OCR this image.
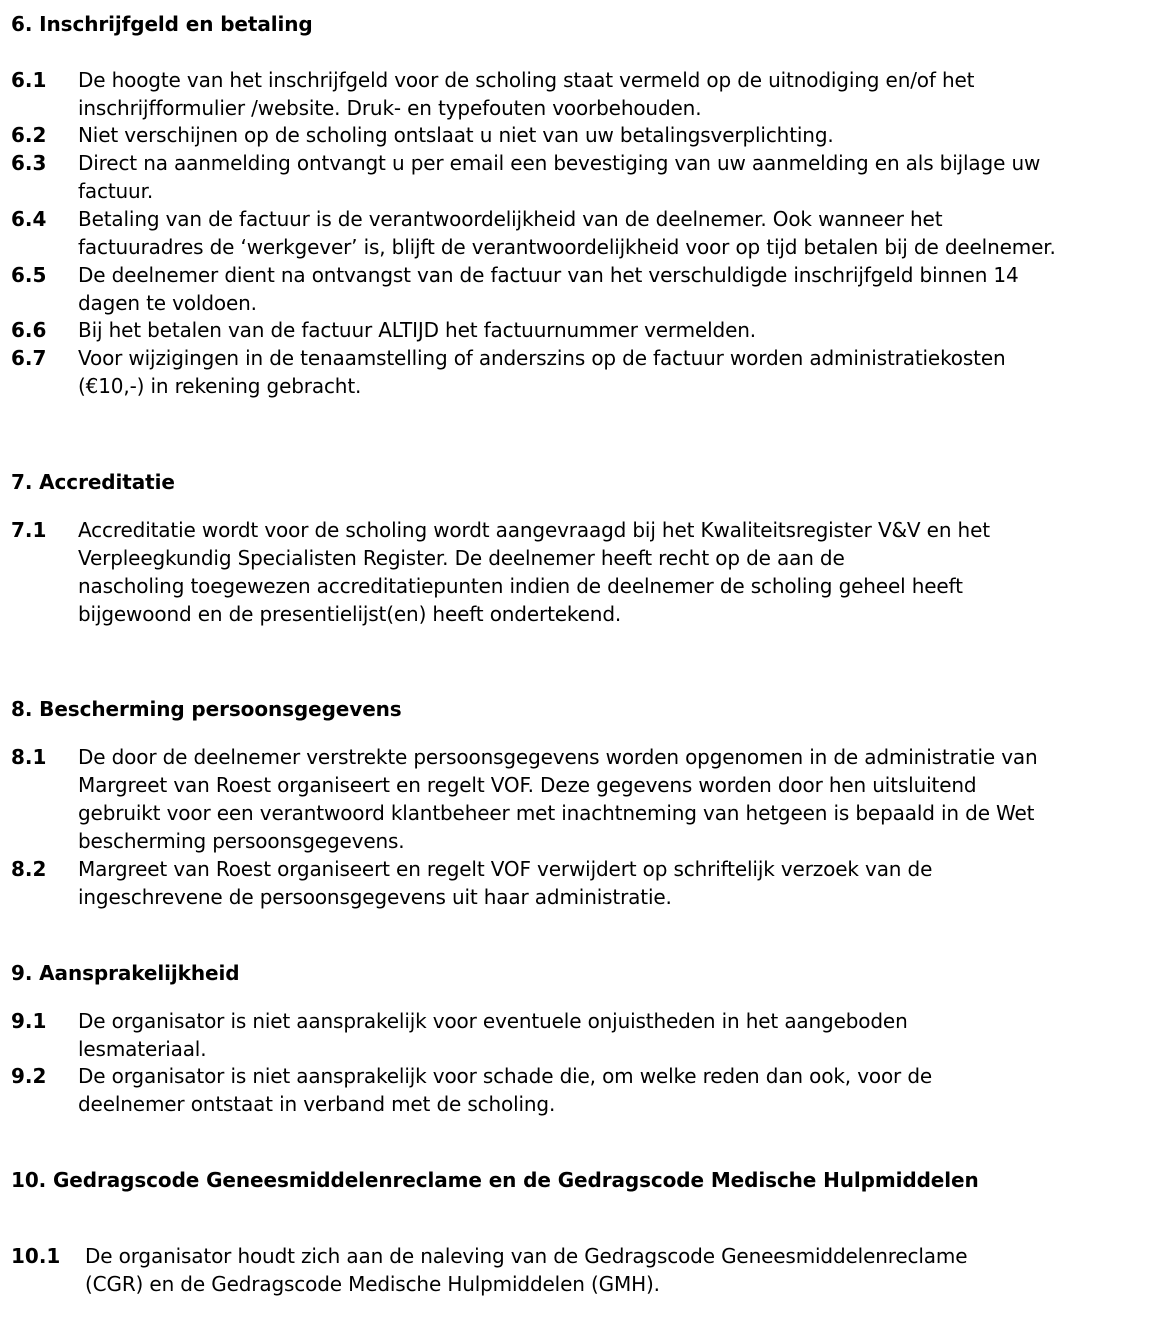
6. Inschrijfgeld en betaling
6.1 De hoogte van het inschrijfgeld voor de scholing staat vermeld op de uitnodiging en/of het
inschrijfformulier /website. Druk- en typefouten voorbehouden.
6.2 Niet verschijnen op de scholing ontslaat u niet van uw betalingsverplichting.
6.3 Direct na aanmelding ontvangt u per email een bevestiging van uw aanmelding en als bijlage uw
factuur.
6.4 Betaling van de factuur is de verantwoordelijkheid van de deelnemer. Ook wanneer het
factuuradres de ‘werkgever’ is, blijft de verantwoordelijkheid voor op tijd betalen bij de deelnemer.
6.5 De deelnemer dient na ontvangst van de factuur van het verschuldigde inschrijfgeld binnen 14
dagen te voldoen.
6.6 Bij het betalen van de factuur ALTIJD het factuurnummer vermelden.
6.7 Voor wijzigingen in de tenaamstelling of anderszins op de factuur worden administratiekosten
(€10,-) in rekening gebracht.
7. Accreditatie
7.1 Accreditatie wordt voor de scholing wordt aangevraagd bij het Kwaliteitsregister V&V en het
Verpleegkundig Specialisten Register. De deelnemer heeft recht op de aan de
nascholing toegewezen accreditatiepunten indien de deelnemer de scholing geheel heeft
bijgewoond en de presentielijst(en) heeft ondertekend.
8. Bescherming persoonsgegevens
8.1 De door de deelnemer verstrekte persoonsgegevens worden opgenomen in de administratie van
Margreet van Roest organiseert en regelt VOF. Deze gegevens worden door hen uitsluitend
gebruikt voor een verantwoord klantbeheer met inachtneming van hetgeen is bepaald in de Wet
bescherming persoonsgegevens.
8.2 Margreet van Roest organiseert en regelt VOF verwijdert op schriftelijk verzoek van de
ingeschrevene de persoonsgegevens uit haar administratie.
9. Aansprakelijkheid
9.1 De organisator is niet aansprakelijk voor eventuele onjuistheden in het aangeboden
lesmateriaal.
9.2 De organisator is niet aansprakelijk voor schade die, om welke reden dan ook, voor de
deelnemer ontstaat in verband met de scholing.
10. Gedragscode Geneesmiddelenreclame en de Gedragscode Medische Hulpmiddelen
10.1 De organisator houdt zich aan de naleving van de Gedragscode Geneesmiddelenreclame
(CGR) en de Gedragscode Medische Hulpmiddelen (GMH).
